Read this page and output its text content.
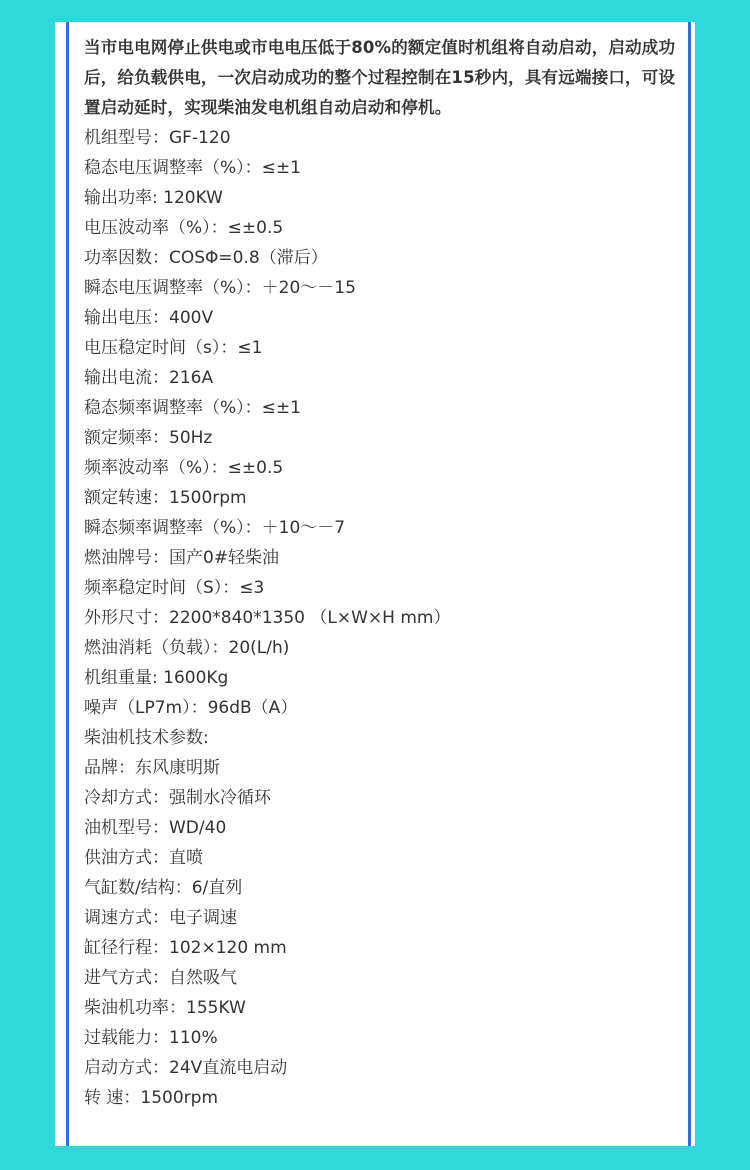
当市电电网停止供电或市电电压低于80%的额定值时机组将自动启动，启动成功后，给负载供电，一次启动成功的整个过程控制在15秒内，具有远端接口，可设置启动延时，实现柴油发电机组自动启动和停机。

机组型号：GF-120
稳态电压调整率（%）：≤±1
输出功率: 120KW
电压波动率（%）：≤±0.5
功率因数：COSΦ=0.8（滞后）
瞬态电压调整率（%）：＋20～－15
输出电压：400V
电压稳定时间（s）：≤1
输出电流：216A
稳态频率调整率（%）：≤±1
额定频率：50Hz
频率波动率（%）：≤±0.5
额定转速：1500rpm
瞬态频率调整率（%）：＋10～－7
燃油牌号：国产0#轻柴油
频率稳定时间（S）：≤3
外形尺寸：2200*840*1350 （L×W×H mm）
燃油消耗（负载）：20(L/h)
机组重量: 1600Kg
噪声（LP7m）：96dB（A）
柴油机技术参数:
品牌：东风康明斯
冷却方式：强制水冷循环
油机型号：WD/40
供油方式：直喷
气缸数/结构：6/直列
调速方式：电子调速
缸径行程：102×120 mm
进气方式：自然吸气
柴油机功率：155KW
过载能力：110%
启动方式：24V直流电启动
转 速：1500rpm
